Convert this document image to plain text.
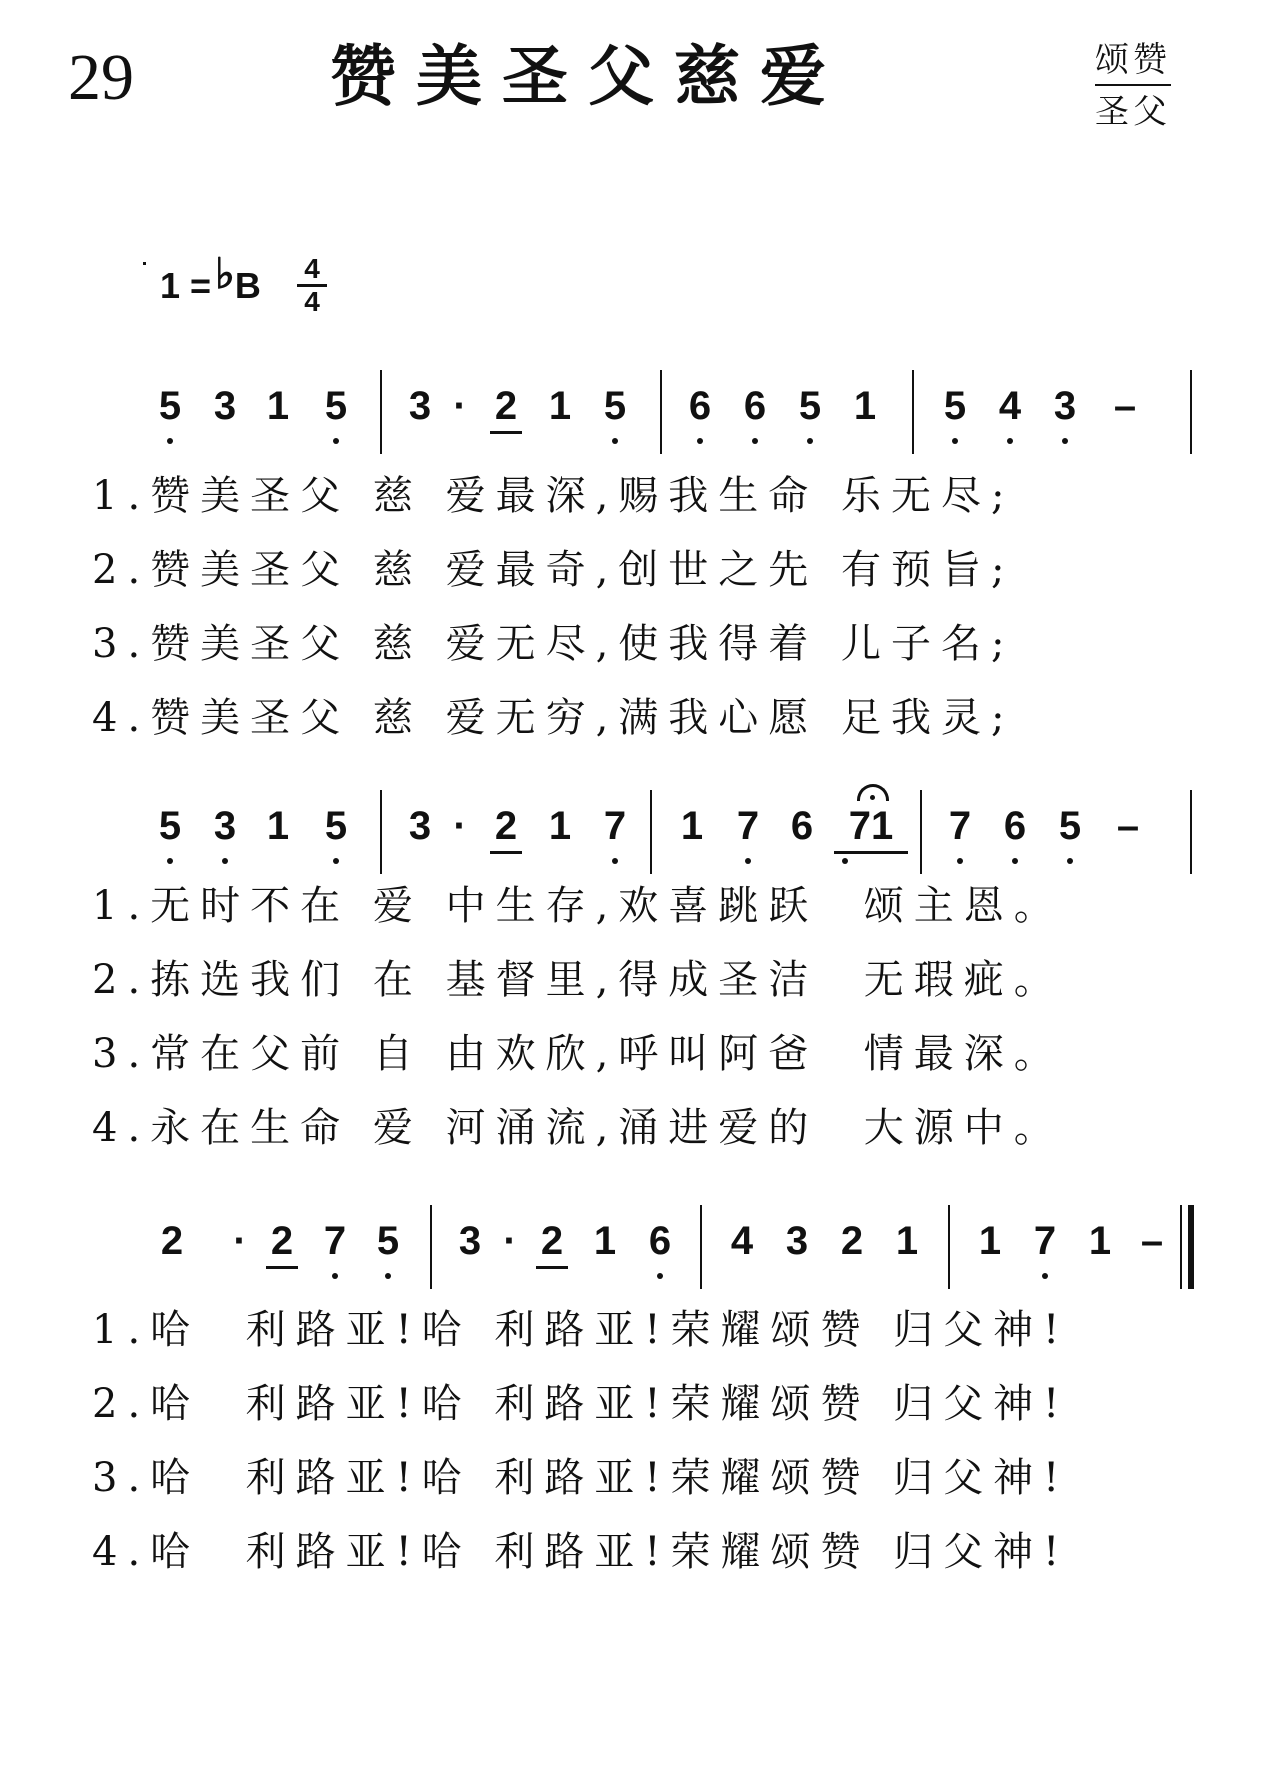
29	赞美圣父慈爱	颂赞
圣父
1 =♭B 4
4
5 3 1 5 3 · 2 1 5 6 6 5 1 5 4 3 –
1.赞美圣父 慈 爱最深,赐我生命 乐无尽;
2.赞美圣父 慈 爱最奇,创世之先 有预旨;
3.赞美圣父 慈 爱无尽,使我得着 儿子名;
4.赞美圣父 慈 爱无穷,满我心愿 足我灵;
5 3 1 5 3 · 2 1 7 1 7 6 71	7 6 5 –
1.无时不在 爱 中生存,欢喜跳跃  颂主恩。
2.拣选我们 在 基督里,得成圣洁  无瑕疵。
3.常在父前 自 由欢欣,呼叫阿爸  情最深。
4.永在生命 爱 河涌流,涌进爱的  大源中。
2	· 2 7 5 3 · 2 1 6 4 3 2 1 1 7 1 –
1.哈  利路亚!哈 利路亚!荣耀颂赞 归父神!
2.哈  利路亚!哈 利路亚!荣耀颂赞 归父神!
3.哈  利路亚!哈 利路亚!荣耀颂赞 归父神!
4.哈  利路亚!哈 利路亚!荣耀颂赞 归父神!
